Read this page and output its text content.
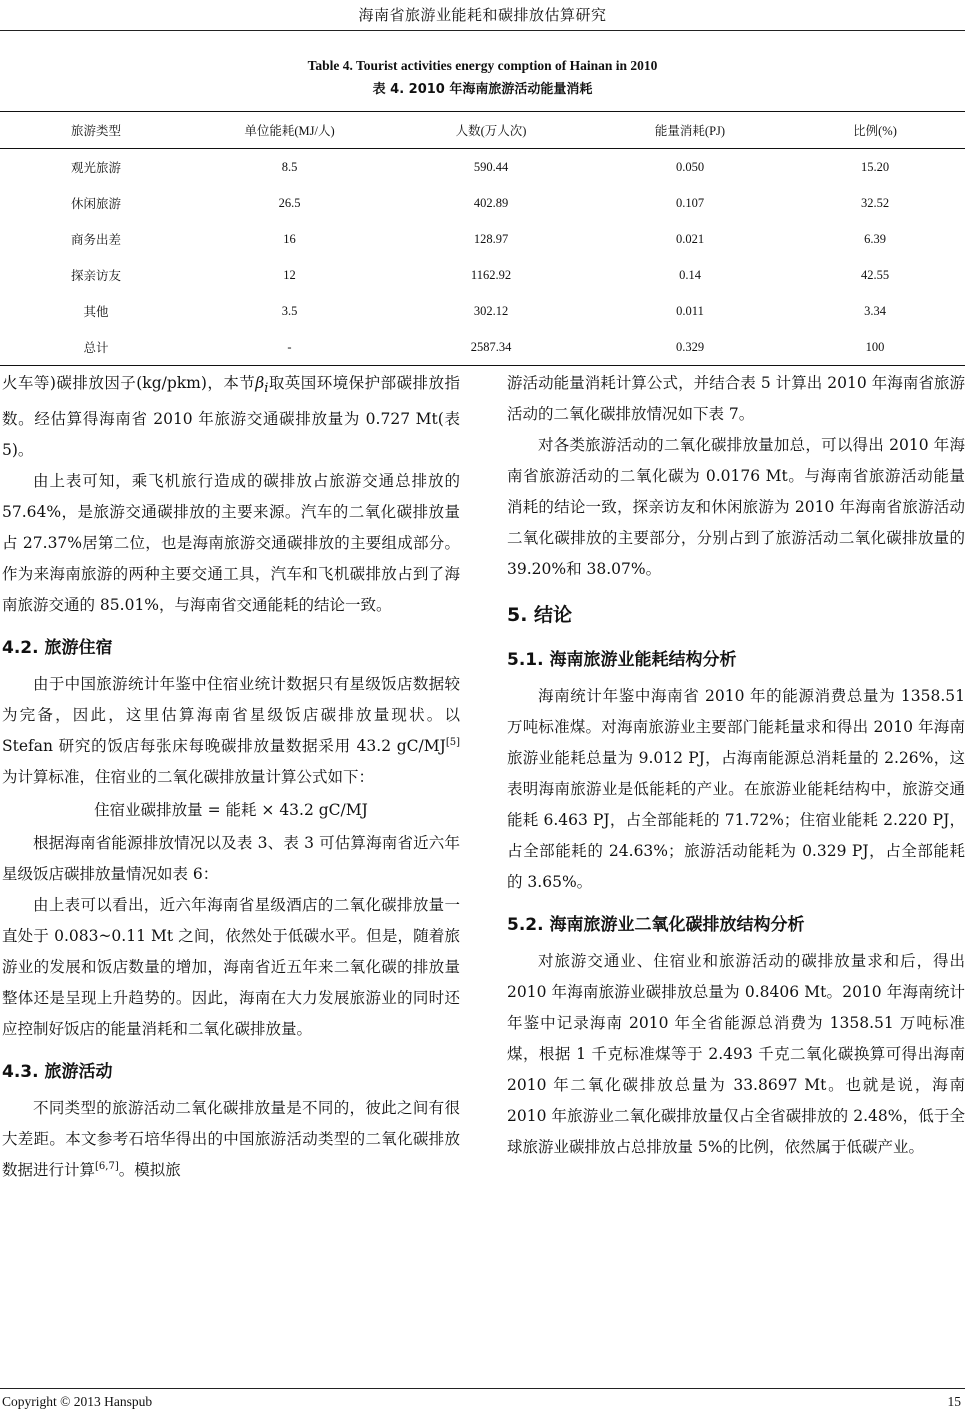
海南省旅游业能耗和碳排放估算研究
Table 4. Tourist activities energy comption of Hainan in 2010
表 4. 2010 年海南旅游活动能量消耗
旅游类型	单位能耗(MJ/人)	人数(万人次)	能量消耗(PJ)	比例(%)
观光旅游	8.5	590.44	0.050	15.20
休闲旅游	26.5	402.89	0.107	32.52
商务出差	16	128.97	0.021	6.39
探亲访友	12	1162.92	0.14	42.55
其他	3.5	302.12	0.011	3.34
总计	-	2587.34	0.329	100

火车等)碳排放因子(kg/pkm)，本节$\beta_i$取英国环境保护部碳排放指数。经估算得海南省 2010 年旅游交通碳排放量为 0.727 Mt(表 5)。

由上表可知，乘飞机旅行造成的碳排放占旅游交通总排放的 57.64%，是旅游交通碳排放的主要来源。汽车的二氧化碳排放量占 27.37%居第二位，也是海南旅游交通碳排放的主要组成部分。作为来海南旅游的两种主要交通工具，汽车和飞机碳排放占到了海南旅游交通的 85.01%，与海南省交通能耗的结论一致。

4.2. 旅游住宿

由于中国旅游统计年鉴中住宿业统计数据只有星级饭店数据较为完备，因此，这里估算海南省星级饭店碳排放量现状。以 Stefan 研究的饭店每张床每晚碳排放量数据采用 43.2 gC/MJ[5]为计算标准，住宿业的二氧化碳排放量计算公式如下：

住宿业碳排放量 = 能耗 × 43.2 gC/MJ

根据海南省能源排放情况以及表 3、表 3 可估算海南省近六年星级饭店碳排放量情况如表 6：

由上表可以看出，近六年海南省星级酒店的二氧化碳排放量一直处于 0.083~0.11 Mt 之间，依然处于低碳水平。但是，随着旅游业的发展和饭店数量的增加，海南省近五年来二氧化碳的排放量整体还是呈现上升趋势的。因此，海南在大力发展旅游业的同时还应控制好饭店的能量消耗和二氧化碳排放量。

4.3. 旅游活动

不同类型的旅游活动二氧化碳排放量是不同的，彼此之间有很大差距。本文参考石培华得出的中国旅游活动类型的二氧化碳排放数据进行计算[6,7]。模拟旅

游活动能量消耗计算公式，并结合表 5 计算出 2010 年海南省旅游活动的二氧化碳排放情况如下表 7。

对各类旅游活动的二氧化碳排放量加总，可以得出 2010 年海南省旅游活动的二氧化碳为 0.0176 Mt。与海南省旅游活动能量消耗的结论一致，探亲访友和休闲旅游为 2010 年海南省旅游活动二氧化碳排放的主要部分，分别占到了旅游活动二氧化碳排放量的 39.20%和 38.07%。

5. 结论
5.1. 海南旅游业能耗结构分析

海南统计年鉴中海南省 2010 年的能源消费总量为 1358.51 万吨标准煤。对海南旅游业主要部门能耗量求和得出 2010 年海南旅游业能耗总量为 9.012 PJ，占海南能源总消耗量的 2.26%，这表明海南旅游业是低能耗的产业。在旅游业能耗结构中，旅游交通能耗 6.463 PJ，占全部能耗的 71.72%；住宿业能耗 2.220 PJ，占全部能耗的 24.63%；旅游活动能耗为 0.329 PJ，占全部能耗的 3.65%。

5.2. 海南旅游业二氧化碳排放结构分析

对旅游交通业、住宿业和旅游活动的碳排放量求和后，得出 2010 年海南旅游业碳排放总量为 0.8406 Mt。2010 年海南统计年鉴中记录海南 2010 年全省能源总消费为 1358.51 万吨标准煤，根据 1 千克标准煤等于 2.493 千克二氧化碳换算可得出海南 2010 年二氧化碳排放总量为 33.8697 Mt。也就是说，海南 2010 年旅游业二氧化碳排放量仅占全省碳排放的 2.48%，低于全球旅游业碳排放占总排放量 5%的比例，依然属于低碳产业。

Copyright © 2013 Hanspub	15
